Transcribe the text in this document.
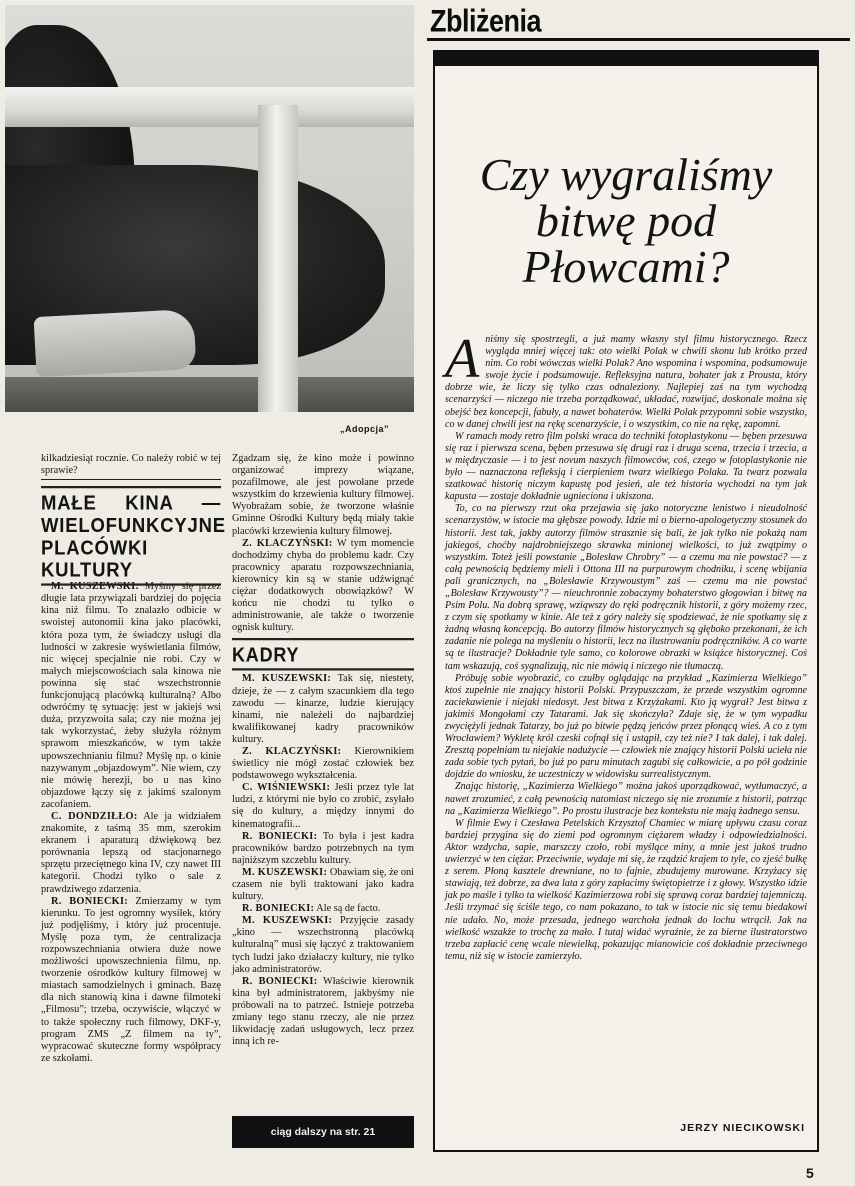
„Adopcja”

kilkadziesiąt rocznie. Co należy robić w tej sprawie?

MAŁE KINA — WIELOFUNKCYJNE PLACÓWKI KULTURY

M. KUSZEWSKI: Myśmy się przez długie lata przywiązali bardziej do pojęcia kina niż filmu. To znalazło odbicie w swoistej autonomii kina jako placówki, która poza tym, że świadczy usługi dla ludności w zakresie wyświetlania filmów, nic więcej specjalnie nie robi. Czy w małych miejscowościach sala kinowa nie powinna się stać wszechstronnie funkcjonującą placówką kulturalną? Albo odwróćmy tę sytuację: jest w jakiejś wsi duża, przyzwoita sala; czy nie można jej tak wykorzystać, żeby służyła różnym sprawom mieszkańców, w tym także upowszechnianiu filmu? Myślę np. o kinie nazywanym „objazdowym”. Nie wiem, czy nie mówię herezji, bo u nas kino objazdowe łączy się z jakimś szalonym zacofaniem.

C. DONDZIŁŁO: Ale ja widziałem znakomite, z taśmą 35 mm, szerokim ekranem i aparaturą dźwiękową bez porównania lepszą od stacjonarnego sprzętu przeciętnego kina IV, czy nawet III kategorii. Chodzi tylko o sale z prawdziwego zdarzenia.

R. BONIECKI: Zmierzamy w tym kierunku. To jest ogromny wysiłek, który już podjęliśmy, i który już procentuje. Myślę poza tym, że centralizacja rozpowszechniania otwiera duże nowe możliwości upowszechnienia filmu, np. tworzenie ośrodków kultury filmowej w miastach samodzielnych i gminach. Bazę dla nich stanowią kina i dawne filmoteki „Filmosu”; trzeba, oczywiście, włączyć w to także społeczny ruch filmowy, DKF-y, program ZMS „Z filmem na ty”, wypracować skuteczne formy współpracy ze szkołami.

Zgadzam się, że kino może i powinno organizować imprezy wiązane, pozafilmowe, ale jest powołane przede wszystkim do krzewienia kultury filmowej. Wyobrażam sobie, że tworzone właśnie Gminne Ośrodki Kultury będą miały takie placówki krzewienia kultury filmowej.

Z. KLACZYŃSKI: W tym momencie dochodzimy chyba do problemu kadr. Czy pracownicy aparatu rozpowszechniania, kierownicy kin są w stanie udźwignąć ciężar dodatkowych obowiązków? W końcu nie chodzi tu tylko o administrowanie, ale także o tworzenie ognisk kultury.

KADRY

M. KUSZEWSKI: Tak się, niestety, dzieje, że — z całym szacunkiem dla tego zawodu — kinarze, ludzie kierujący kinami, nie należeli do najbardziej kwalifikowanej kadry pracowników kultury.

Z. KLACZYŃSKI: Kierownikiem świetlicy nie mógł zostać człowiek bez podstawowego wykształcenia.

C. WIŚNIEWSKI: Jeśli przez tyle lat ludzi, z którymi nie było co zrobić, zsyłało się do kultury, a między innymi do kinematografii...

R. BONIECKI: To była i jest kadra pracowników bardzo potrzebnych na tym najniższym szczeblu kultury.

M. KUSZEWSKI: Obawiam się, że oni czasem nie byli traktowani jako kadra kultury.

R. BONIECKI: Ale są de facto.

M. KUSZEWSKI: Przyjęcie zasady „kino — wszechstronną placówką kulturalną” musi się łączyć z traktowaniem tych ludzi jako działaczy kultury, nie tylko jako administratorów.

R. BONIECKI: Właściwie kierownik kina był administratorem, jakbyśmy nie próbowali na to patrzeć. Istnieje potrzeba zmiany tego stanu rzeczy, ale nie przez likwidację zadań usługowych, lecz przez inną ich re-

ciąg dalszy na str. 21
Zbliżenia
Czy wygraliśmy bitwę pod Płowcami?

Aniśmy się spostrzegli, a już mamy własny styl filmu historycznego. Rzecz wygląda mniej więcej tak: oto wielki Polak w chwili skonu lub krótko przed nim. Co robi wówczas wielki Polak? Ano wspomina i wspomina, podsumowuje swoje życie i podsumowuje. Refleksyjna natura, bohater jak z Prousta, który dobrze wie, że liczy się tylko czas odnaleziony. Najlepiej zaś na tym wychodzą scenarzyści — niczego nie trzeba porządkować, układać, rozwijać, doskonale można się obejść bez koncepcji, fabuły, a nawet bohaterów. Wielki Polak przypomni sobie wszystko, co w danej chwili jest na rękę scenarzyście, i o wszystkim, co nie na rękę, zapomni.

W ramach mody retro film polski wraca do techniki fotoplastykonu — bęben przesuwa się raz i pierwsza scena, bęben przesuwa się drugi raz i druga scena, trzecia i trzecia, a w międzyczasie — i to jest novum naszych filmowców, coś, czego w fotoplastykonie nie było — naznaczona refleksją i cierpieniem twarz wielkiego Polaka. Ta twarz pozwala szatkować historię niczym kapustę pod jesień, ale też historia wychodzi na tym jak kapusta — zostaje dokładnie ugnieciona i ukiszona.

To, co na pierwszy rzut oka przejawia się jako notoryczne lenistwo i nieudolność scenarzystów, w istocie ma głębsze powody. Idzie mi o bierno-apologetyczny stosunek do historii. Jest tak, jakby autorzy filmów strasznie się bali, że jak tylko nie pokażą nam jakiegoś, choćby najdrobniejszego skrawka minionej wielkości, to już zwątpimy o wszystkim. Toteż jeśli powstanie „Bolesław Chrobry” — a czemu ma nie powstać? — z całą pewnością będziemy mieli i Ottona III na purpurowym chodniku, i scenę wbijania pali granicznych, na „Bolesławie Krzywoustym” zaś — czemu ma nie powstać „Bolesław Krzywousty”? — nieuchronnie zobaczymy bohaterstwo głogowian i bitwę na Psim Polu. Na dobrą sprawę, wziąwszy do ręki podręcznik historii, z góry możemy rzec, z czym się spotkamy w kinie. Ale też z góry należy się spodziewać, że nie spotkamy się z żadną własną koncepcją. Bo autorzy filmów historycznych są głęboko przekonani, że ich zadanie nie polega na myśleniu o historii, lecz na ilustrowaniu podręczników. A co warte są te ilustracje? Dokładnie tyle samo, co kolorowe obrazki w książce historycznej. Coś tam wskazują, coś sygnalizują, nic nie mówią i niczego nie tłumaczą.

Próbuję sobie wyobrazić, co czułby oglądając na przykład „Kazimierza Wielkiego” ktoś zupełnie nie znający historii Polski. Przypuszczam, że przede wszystkim ogromne zaciekawienie i niejaki niedosyt. Jest bitwa z Krzyżakami. Kto ją wygrał? Jest bitwa z jakimiś Mongołami czy Tatarami. Jak się skończyła? Zdaje się, że w tym wypadku zwyciężyli jednak Tatarzy, bo już po bitwie pędzą jeńców przez płonącą wieś. A co z tym Wrocławiem? Wykletę król czeski cofnął się i ustąpił, czy też nie? I tak dalej, i tak dalej. Zresztą popełniam tu niejakie nadużycie — człowiek nie znający historii Polski ucieła nie zada sobie tych pytań, bo już po paru minutach zagubi się całkowicie, a po pół godzinie dojdzie do wniosku, że uczestniczy w widowisku surrealistycznym.

Znając historię, „Kazimierza Wielkiego” można jakoś uporządkować, wytłumaczyć, a nawet zrozumieć, z całą pewnością natomiast niczego się nie zrozumie z historii, patrząc na „Kazimierza Wielkiego”. Po prostu ilustracje bez kontekstu nie mają żadnego sensu.

W filmie Ewy i Czesława Petelskich Krzysztof Chamiec w miarę upływu czasu coraz bardziej przygina się do ziemi pod ogromnym ciężarem władzy i odpowiedzialności. Aktor wzdycha, sapie, marszczy czoło, robi myślące miny, a mnie jest jakoś trudno uwierzyć w ten ciężar. Przeciwnie, wydaje mi się, że rządzić krajem to tyle, co zjeść bułkę z serem. Płoną kasztele drewniane, no to fajnie, zbudujemy murowane. Krzyżacy się stawiają, też dobrze, za dwa lata z góry zapłacimy świętopietrze i z głowy. Wszystko idzie jak po maśle i tylko ta wielkość Kazimierzowa robi się sprawą coraz bardziej tajemniczą. Jeśli trzymać się ściśle tego, co nam pokazano, to tak w istocie nic się temu biedakowi nie udało. No, może przesada, jednego warchoła jednak do lochu wtrącił. Jak na wielkość wszakże to trochę za mało. I tutaj widać wyraźnie, że za bierne ilustratorstwo trzeba zapłacić cenę wcale niewielką, pokazując mianowicie coś dokładnie przeciwnego temu, niż się w istocie zamierzyło.

JERZY NIECIKOWSKI
5
